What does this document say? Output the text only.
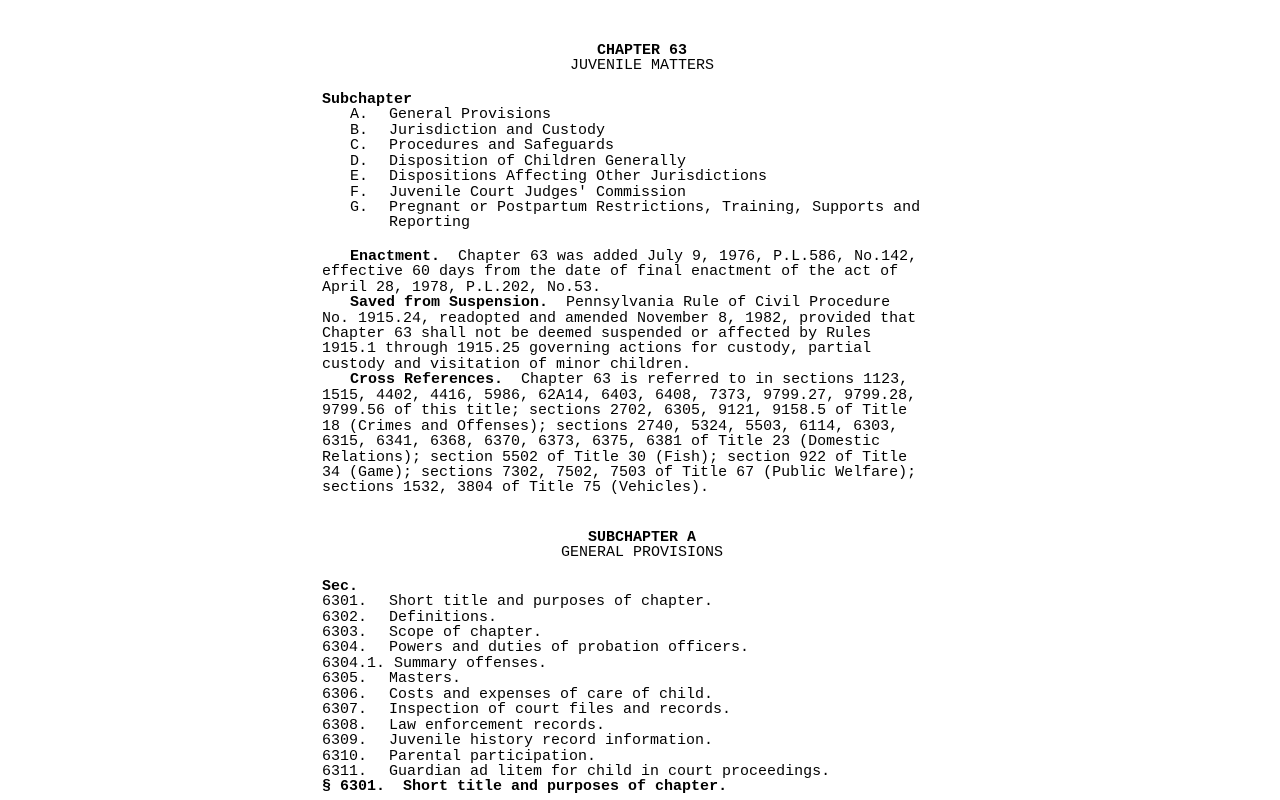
CHAPTER 63
JUVENILE MATTERS
Subchapter
A.	General Provisions
B.	Jurisdiction and Custody
C.	Procedures and Safeguards
D.	Disposition of Children Generally
E.	Dispositions Affecting Other Jurisdictions
F.	Juvenile Court Judges' Commission
G.	Pregnant or Postpartum Restrictions, Training, Supports and
Reporting
Enactment.  Chapter 63 was added July 9, 1976, P.L.586, No.142,
effective 60 days from the date of final enactment of the act of
April 28, 1978, P.L.202, No.53.
Saved from Suspension.  Pennsylvania Rule of Civil Procedure
No. 1915.24, readopted and amended November 8, 1982, provided that
Chapter 63 shall not be deemed suspended or affected by Rules
1915.1 through 1915.25 governing actions for custody, partial
custody and visitation of minor children.
Cross References.  Chapter 63 is referred to in sections 1123,
1515, 4402, 4416, 5986, 62A14, 6403, 6408, 7373, 9799.27, 9799.28,
9799.56 of this title; sections 2702, 6305, 9121, 9158.5 of Title
18 (Crimes and Offenses); sections 2740, 5324, 5503, 6114, 6303,
6315, 6341, 6368, 6370, 6373, 6375, 6381 of Title 23 (Domestic
Relations); section 5502 of Title 30 (Fish); section 922 of Title
34 (Game); sections 7302, 7502, 7503 of Title 67 (Public Welfare);
sections 1532, 3804 of Title 75 (Vehicles).
SUBCHAPTER A
GENERAL PROVISIONS
Sec.
6301.	Short title and purposes of chapter.
6302.	Definitions.
6303.	Scope of chapter.
6304.	Powers and duties of probation officers.
6304.1. Summary offenses.
6305.	Masters.
6306.	Costs and expenses of care of child.
6307.	Inspection of court files and records.
6308.	Law enforcement records.
6309.	Juvenile history record information.
6310.	Parental participation.
6311.	Guardian ad litem for child in court proceedings.
§ 6301.  Short title and purposes of chapter.
